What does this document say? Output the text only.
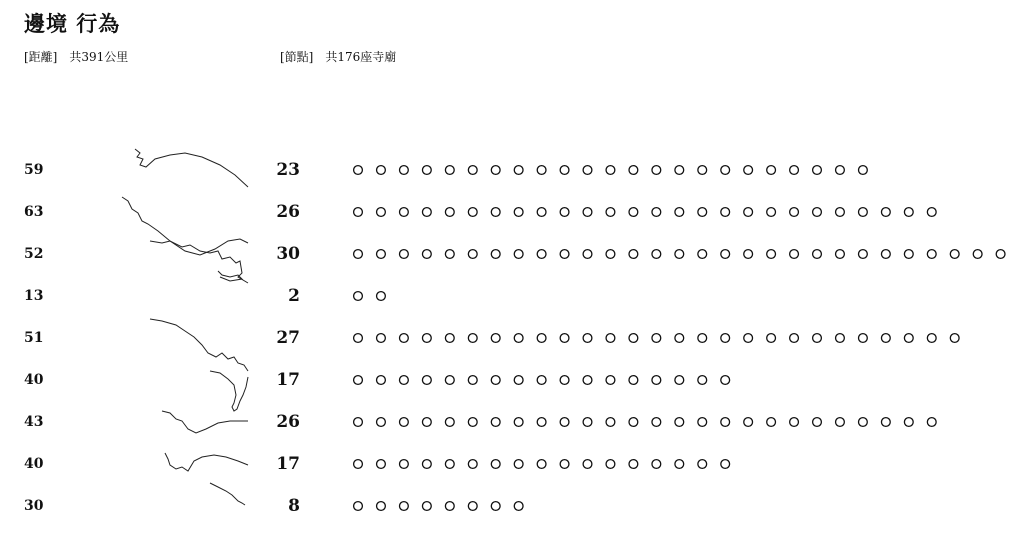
邊境 行為
[距離] 共391公里	[節點] 共176座寺廟
59	23
63	26
52	30
13	2
51	27
40	17
43	26
40	17
30	8
